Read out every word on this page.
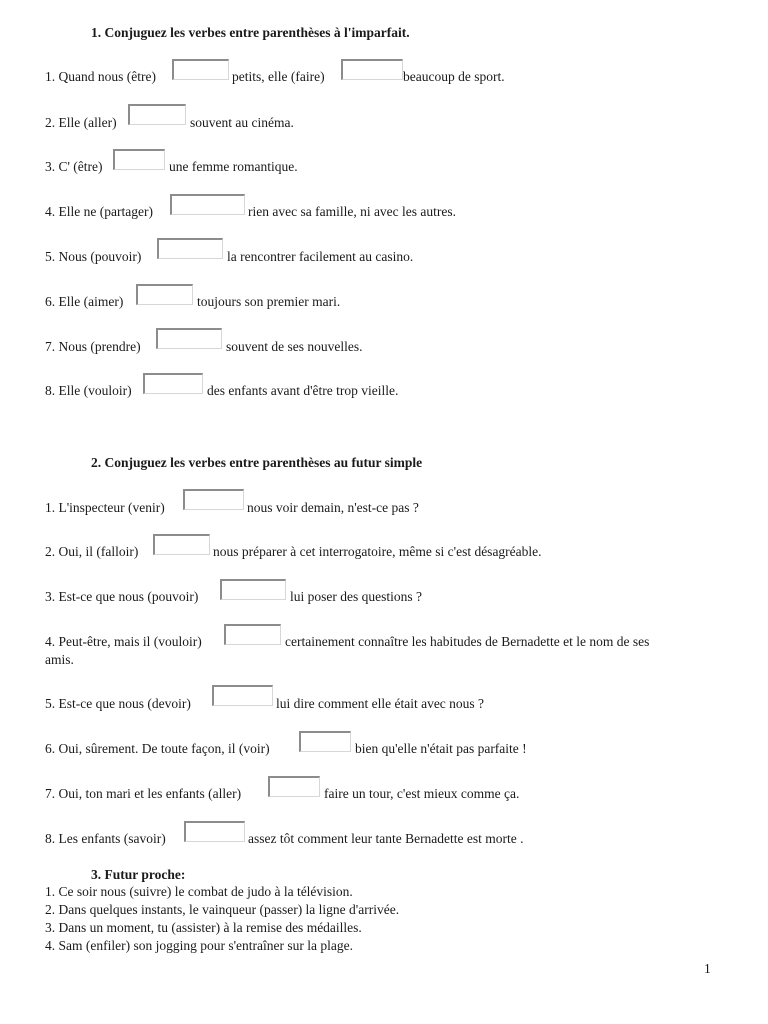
1. Conjuguez les verbes entre parenthèses à l'imparfait.
1. Quand nous (être)	petits, elle (faire)	beaucoup de sport.
2. Elle (aller)	souvent au cinéma.
3. C' (être)	une femme romantique.
4. Elle ne (partager)	rien avec sa famille, ni avec les autres.
5. Nous (pouvoir)	la rencontrer facilement au casino.
6. Elle (aimer)	toujours son premier mari.
7. Nous (prendre)	souvent de ses nouvelles.
8. Elle (vouloir)	des enfants avant d'être trop vieille.
2. Conjuguez les verbes entre parenthèses au futur simple
1. L'inspecteur (venir)	nous voir demain, n'est-ce pas ?
2. Oui, il (falloir)	nous préparer à cet interrogatoire, même si c'est désagréable.
3. Est-ce que nous (pouvoir)	lui poser des questions ?
4. Peut-être, mais il (vouloir)	certainement connaître les habitudes de Bernadette et le nom de ses
amis.
5. Est-ce que nous (devoir)	lui dire comment elle était avec nous ?
6. Oui, sûrement. De toute façon, il (voir)	bien qu'elle n'était pas parfaite !
7. Oui, ton mari et les enfants (aller)	faire un tour, c'est mieux comme ça.
8. Les enfants (savoir)	assez tôt comment leur tante Bernadette est morte .
3. Futur proche:
1. Ce soir nous (suivre) le combat de judo à la télévision.
2. Dans quelques instants, le vainqueur (passer) la ligne d'arrivée.
3. Dans un moment, tu (assister) à la remise des médailles.
4. Sam (enfiler) son jogging pour s'entraîner sur la plage.
1
